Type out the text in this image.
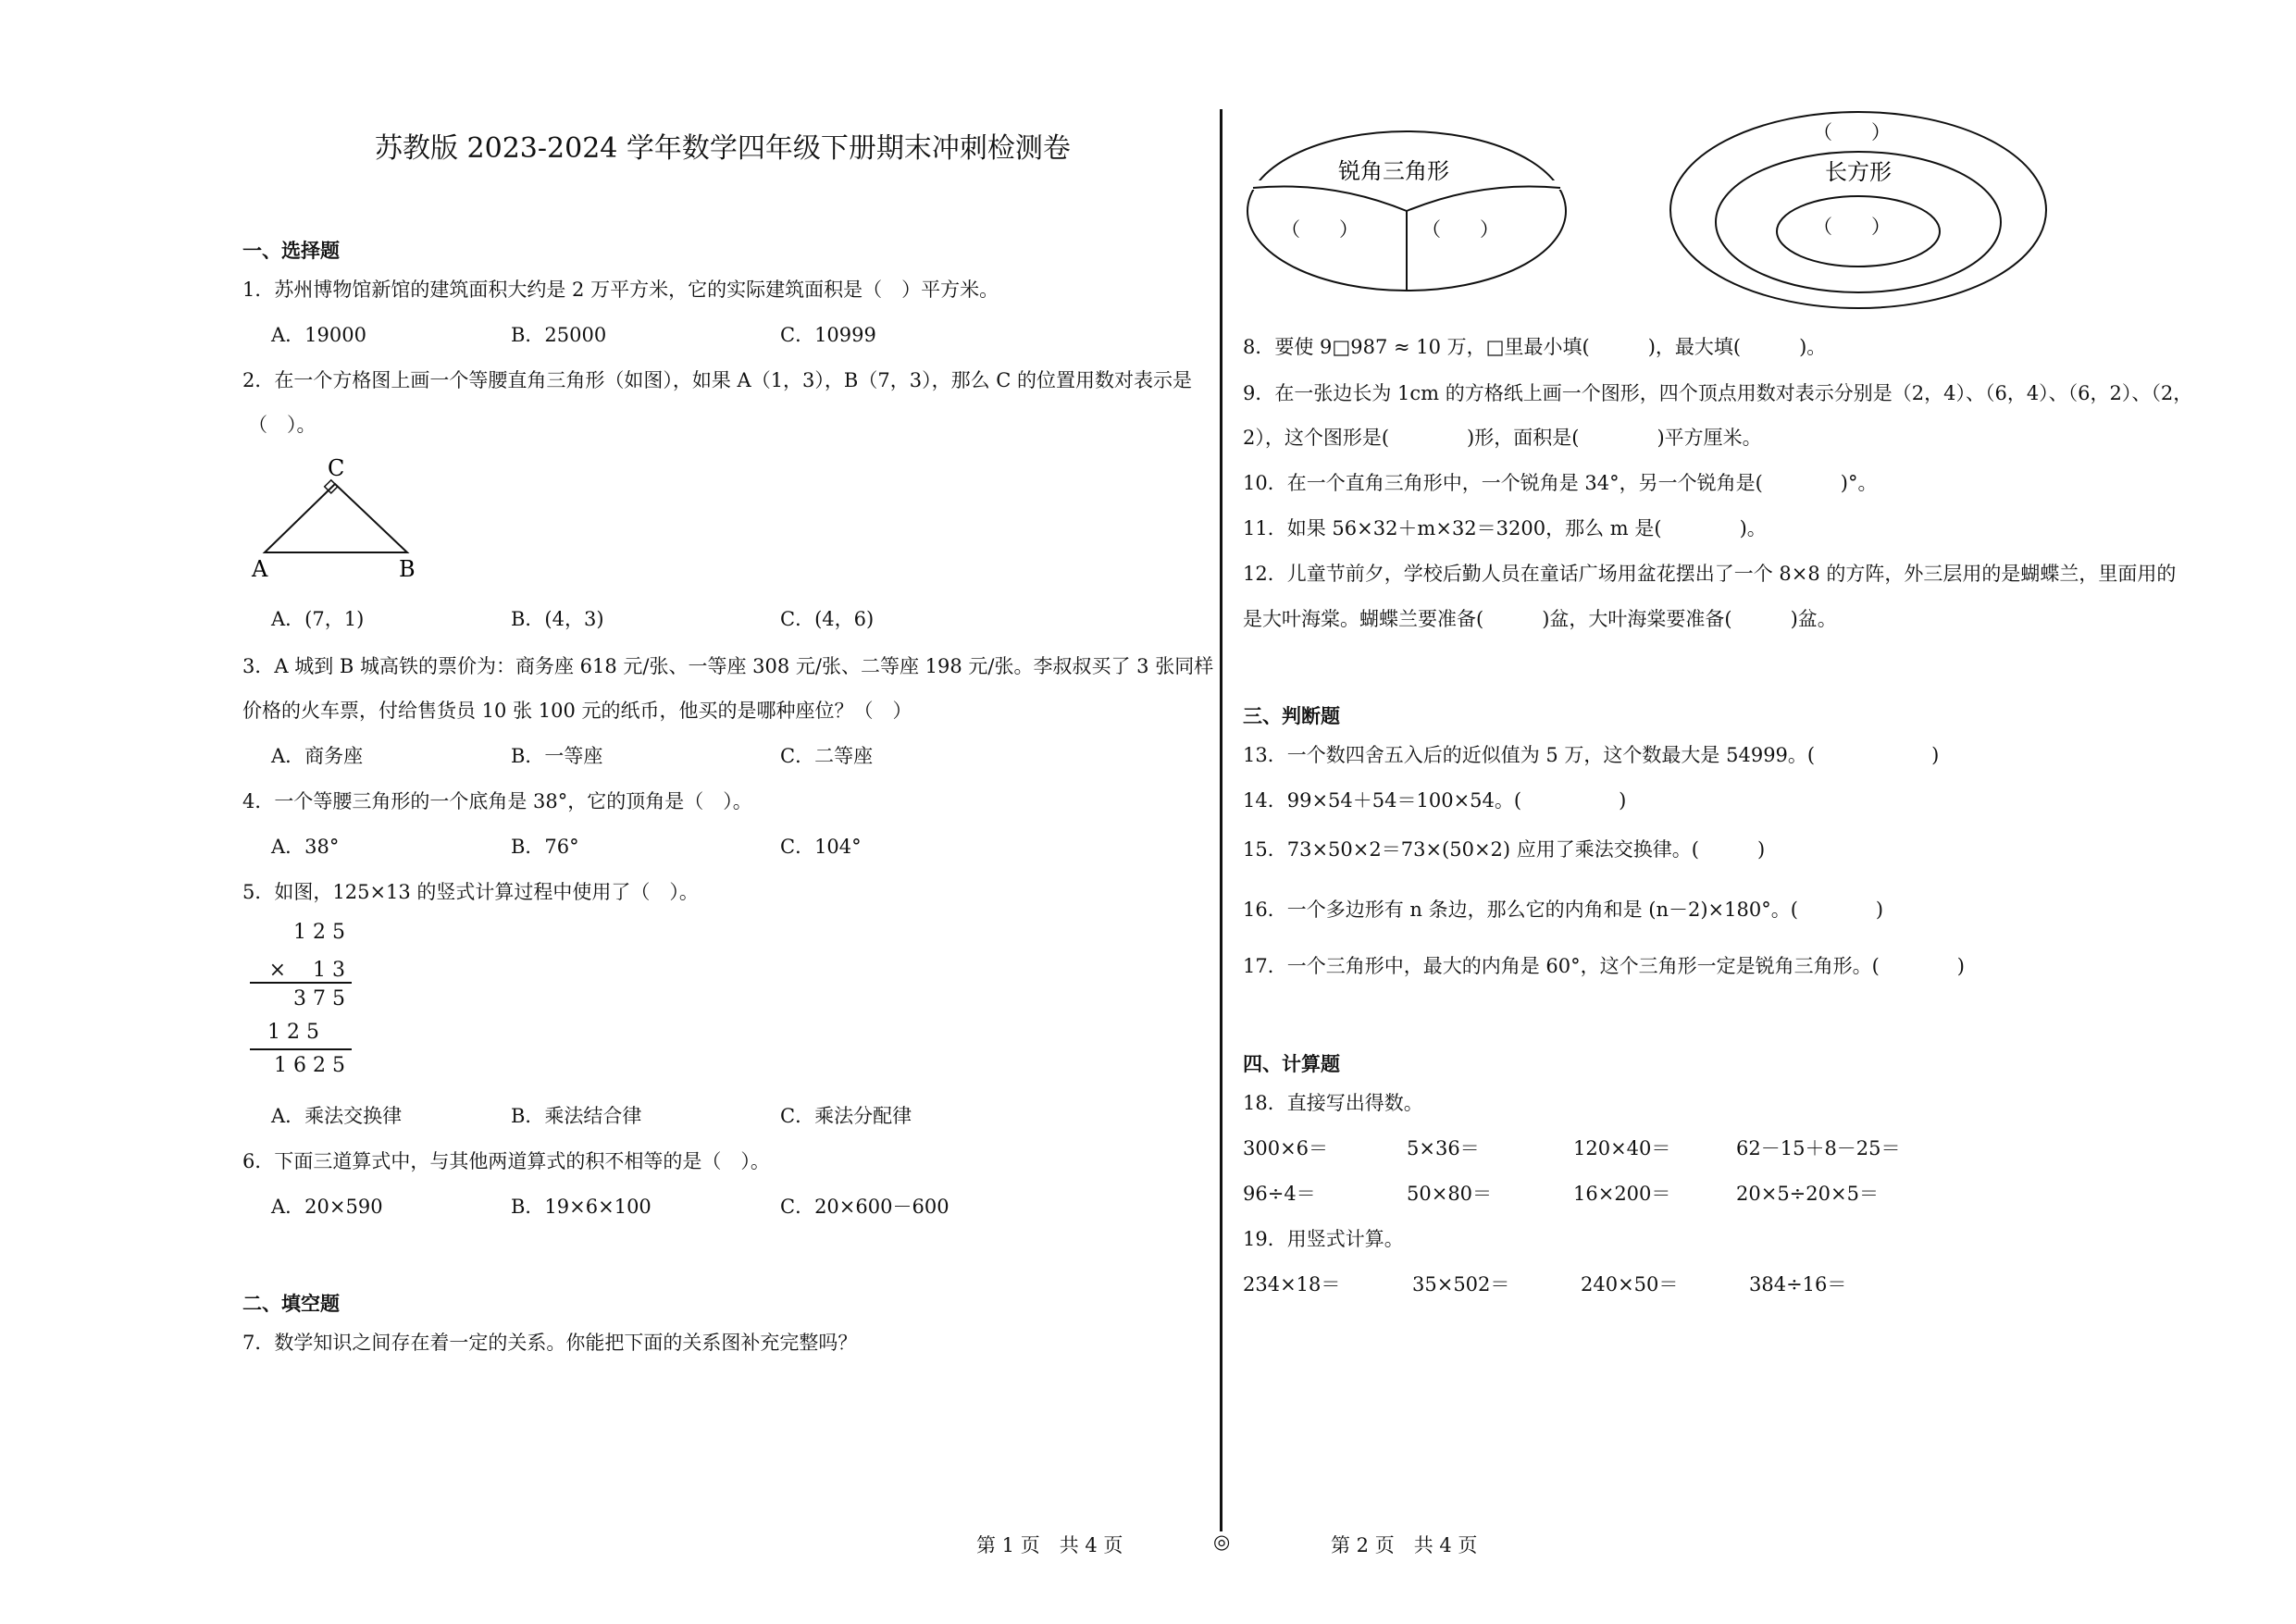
苏教版 2023-2024 学年数学四年级下册期末冲刺检测卷
一、选择题
1．苏州博物馆新馆的建筑面积大约是 2 万平方米，它的实际建筑面积是（　）平方米。
A．19000	B．25000	C．10999
2．在一个方格图上画一个等腰直角三角形（如图），如果 A（1，3），B（7，3），那么 C 的位置用数对表示是
（　）。
C
A	B
A．(7，1)	B．(4，3)	C．(4，6)
3．A 城到 B 城高铁的票价为：商务座 618 元/张、一等座 308 元/张、二等座 198 元/张。李叔叔买了 3 张同样
价格的火车票，付给售货员 10 张 100 元的纸币，他买的是哪种座位？（　）
A．商务座	B．一等座	C．二等座
4．一个等腰三角形的一个底角是 38°，它的顶角是（　）。
A．38°	B．76°	C．104°
5．如图，125×13 的竖式计算过程中使用了（　）。
1 2 5
×　 1 3
3 7 5
1 2 5
1 6 2 5
A．乘法交换律	B．乘法结合律	C．乘法分配律
6．下面三道算式中，与其他两道算式的积不相等的是（　）。
A．20×590	B．19×6×100	C．20×600－600
二、填空题
7．数学知识之间存在着一定的关系。你能把下面的关系图补充完整吗？
锐角三角形
（　　）	（　　）
（　　）
长方形
（　　）
8．要使 9□987 ≈ 10 万，□里最小填(　　　)，最大填(　　　)。
9．在一张边长为 1cm 的方格纸上画一个图形，四个顶点用数对表示分别是（2，4）、（6，4）、（6，2）、（2，
2），这个图形是(　　　　)形，面积是(　　　　)平方厘米。
10．在一个直角三角形中，一个锐角是 34°，另一个锐角是(　　　　)°。
11．如果 56×32＋m×32＝3200，那么 m 是(　　　　)。
12．儿童节前夕，学校后勤人员在童话广场用盆花摆出了一个 8×8 的方阵，外三层用的是蝴蝶兰，里面用的
是大叶海棠。蝴蝶兰要准备(　　　)盆，大叶海棠要准备(　　　)盆。
三、判断题
13．一个数四舍五入后的近似值为 5 万，这个数最大是 54999。(　　　　　　)
14．99×54＋54＝100×54。(　　　　　)
15．73×50×2＝73×(50×2) 应用了乘法交换律。(　　　)
16．一个多边形有 n 条边，那么它的内角和是 (n－2)×180°。(　　　　)
17．一个三角形中，最大的内角是 60°，这个三角形一定是锐角三角形。(　　　　)
四、计算题
18．直接写出得数。
300×6＝	5×36＝	120×40＝	62－15＋8－25＝
96÷4＝	50×80＝	16×200＝	20×5÷20×5＝
19．用竖式计算。
234×18＝	35×502＝	240×50＝	384÷16＝
第 1 页　共 4 页	◎	第 2 页　共 4 页
